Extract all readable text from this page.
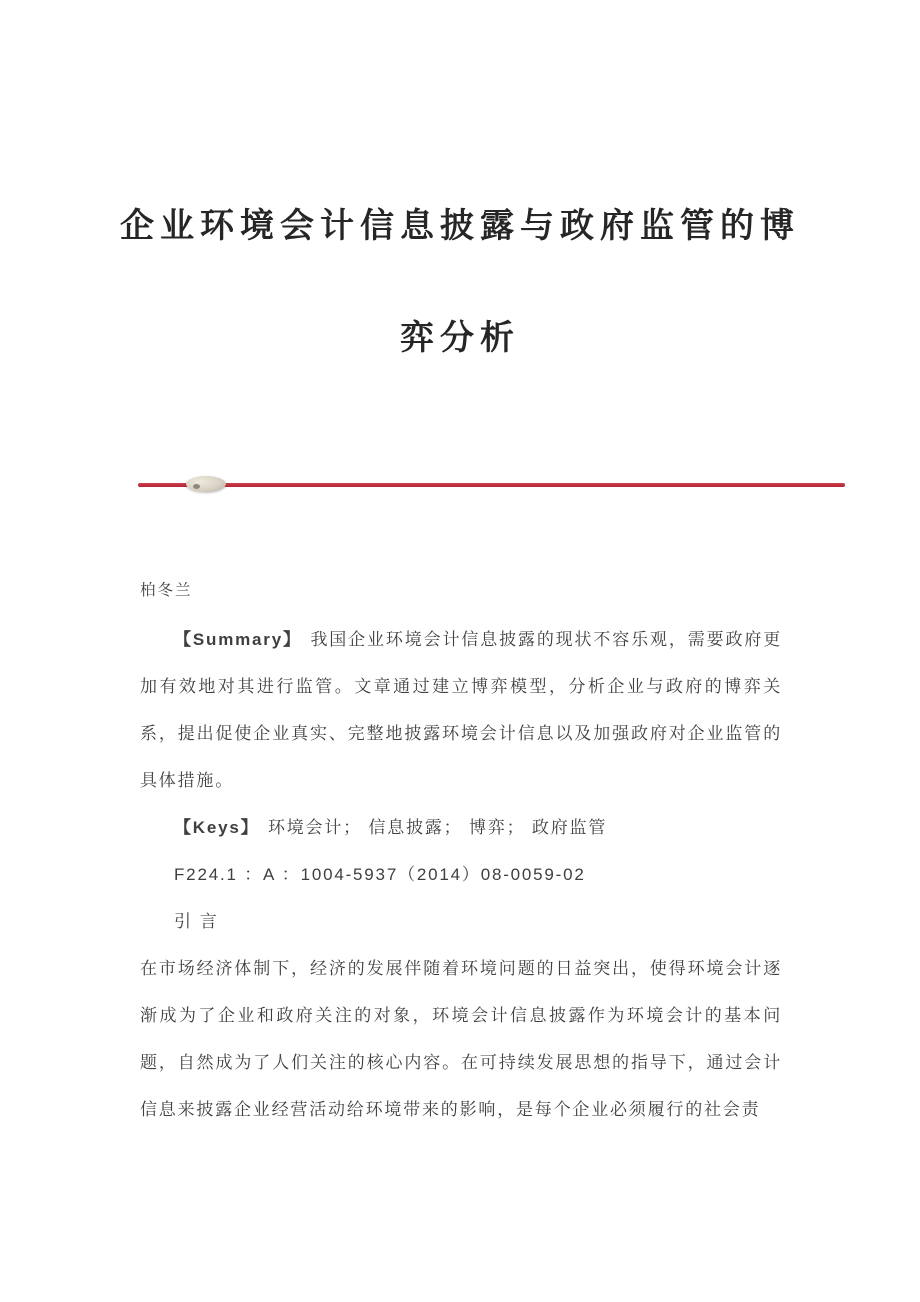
企业环境会计信息披露与政府监管的博
弈分析
柏冬兰

【Summary】 我国企业环境会计信息披露的现状不容乐观，需要政府更加有效地对其进行监管。文章通过建立博弈模型，分析企业与政府的博弈关系，提出促使企业真实、完整地披露环境会计信息以及加强政府对企业监管的具体措施。

【Keys】 环境会计； 信息披露； 博弈； 政府监管

F224.1 ：A ：1004-5937（2014）08-0059-02

引 言

在市场经济体制下，经济的发展伴随着环境问题的日益突出，使得环境会计逐渐成为了企业和政府关注的对象，环境会计信息披露作为环境会计的基本问题，自然成为了人们关注的核心内容。在可持续发展思想的指导下，通过会计信息来披露企业经营活动给环境带来的影响，是每个企业必须履行的社会责
